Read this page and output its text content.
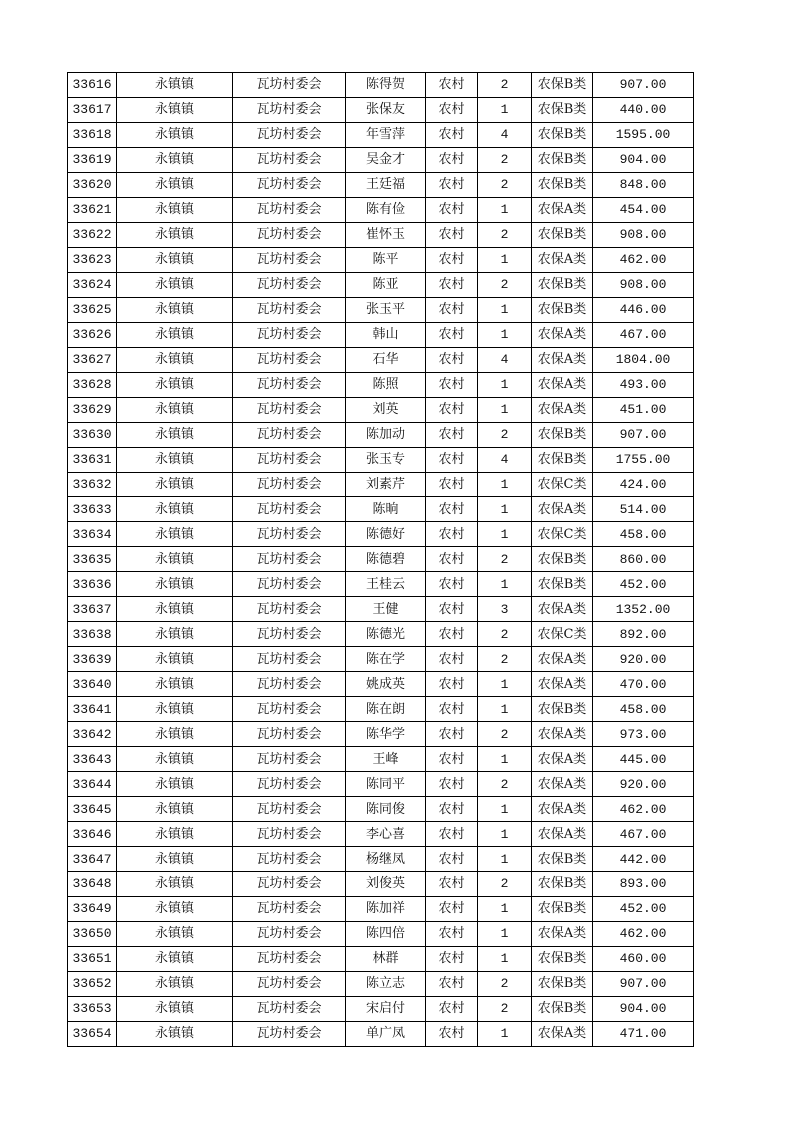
33616	永镇镇	瓦坊村委会	陈得贺	农村	2	农保B类	907.00
33617	永镇镇	瓦坊村委会	张保友	农村	1	农保B类	440.00
33618	永镇镇	瓦坊村委会	年雪萍	农村	4	农保B类	1595.00
33619	永镇镇	瓦坊村委会	吴金才	农村	2	农保B类	904.00
33620	永镇镇	瓦坊村委会	王廷福	农村	2	农保B类	848.00
33621	永镇镇	瓦坊村委会	陈有俭	农村	1	农保A类	454.00
33622	永镇镇	瓦坊村委会	崔怀玉	农村	2	农保B类	908.00
33623	永镇镇	瓦坊村委会	陈平	农村	1	农保A类	462.00
33624	永镇镇	瓦坊村委会	陈亚	农村	2	农保B类	908.00
33625	永镇镇	瓦坊村委会	张玉平	农村	1	农保B类	446.00
33626	永镇镇	瓦坊村委会	韩山	农村	1	农保A类	467.00
33627	永镇镇	瓦坊村委会	石华	农村	4	农保A类	1804.00
33628	永镇镇	瓦坊村委会	陈照	农村	1	农保A类	493.00
33629	永镇镇	瓦坊村委会	刘英	农村	1	农保A类	451.00
33630	永镇镇	瓦坊村委会	陈加动	农村	2	农保B类	907.00
33631	永镇镇	瓦坊村委会	张玉专	农村	4	农保B类	1755.00
33632	永镇镇	瓦坊村委会	刘素芹	农村	1	农保C类	424.00
33633	永镇镇	瓦坊村委会	陈晌	农村	1	农保A类	514.00
33634	永镇镇	瓦坊村委会	陈德好	农村	1	农保C类	458.00
33635	永镇镇	瓦坊村委会	陈德碧	农村	2	农保B类	860.00
33636	永镇镇	瓦坊村委会	王桂云	农村	1	农保B类	452.00
33637	永镇镇	瓦坊村委会	王健	农村	3	农保A类	1352.00
33638	永镇镇	瓦坊村委会	陈德光	农村	2	农保C类	892.00
33639	永镇镇	瓦坊村委会	陈在学	农村	2	农保A类	920.00
33640	永镇镇	瓦坊村委会	姚成英	农村	1	农保A类	470.00
33641	永镇镇	瓦坊村委会	陈在朗	农村	1	农保B类	458.00
33642	永镇镇	瓦坊村委会	陈华学	农村	2	农保A类	973.00
33643	永镇镇	瓦坊村委会	王峰	农村	1	农保A类	445.00
33644	永镇镇	瓦坊村委会	陈同平	农村	2	农保A类	920.00
33645	永镇镇	瓦坊村委会	陈同俊	农村	1	农保A类	462.00
33646	永镇镇	瓦坊村委会	李心喜	农村	1	农保A类	467.00
33647	永镇镇	瓦坊村委会	杨继凤	农村	1	农保B类	442.00
33648	永镇镇	瓦坊村委会	刘俊英	农村	2	农保B类	893.00
33649	永镇镇	瓦坊村委会	陈加祥	农村	1	农保B类	452.00
33650	永镇镇	瓦坊村委会	陈四倍	农村	1	农保A类	462.00
33651	永镇镇	瓦坊村委会	林群	农村	1	农保B类	460.00
33652	永镇镇	瓦坊村委会	陈立志	农村	2	农保B类	907.00
33653	永镇镇	瓦坊村委会	宋启付	农村	2	农保B类	904.00
33654	永镇镇	瓦坊村委会	单广凤	农村	1	农保A类	471.00
